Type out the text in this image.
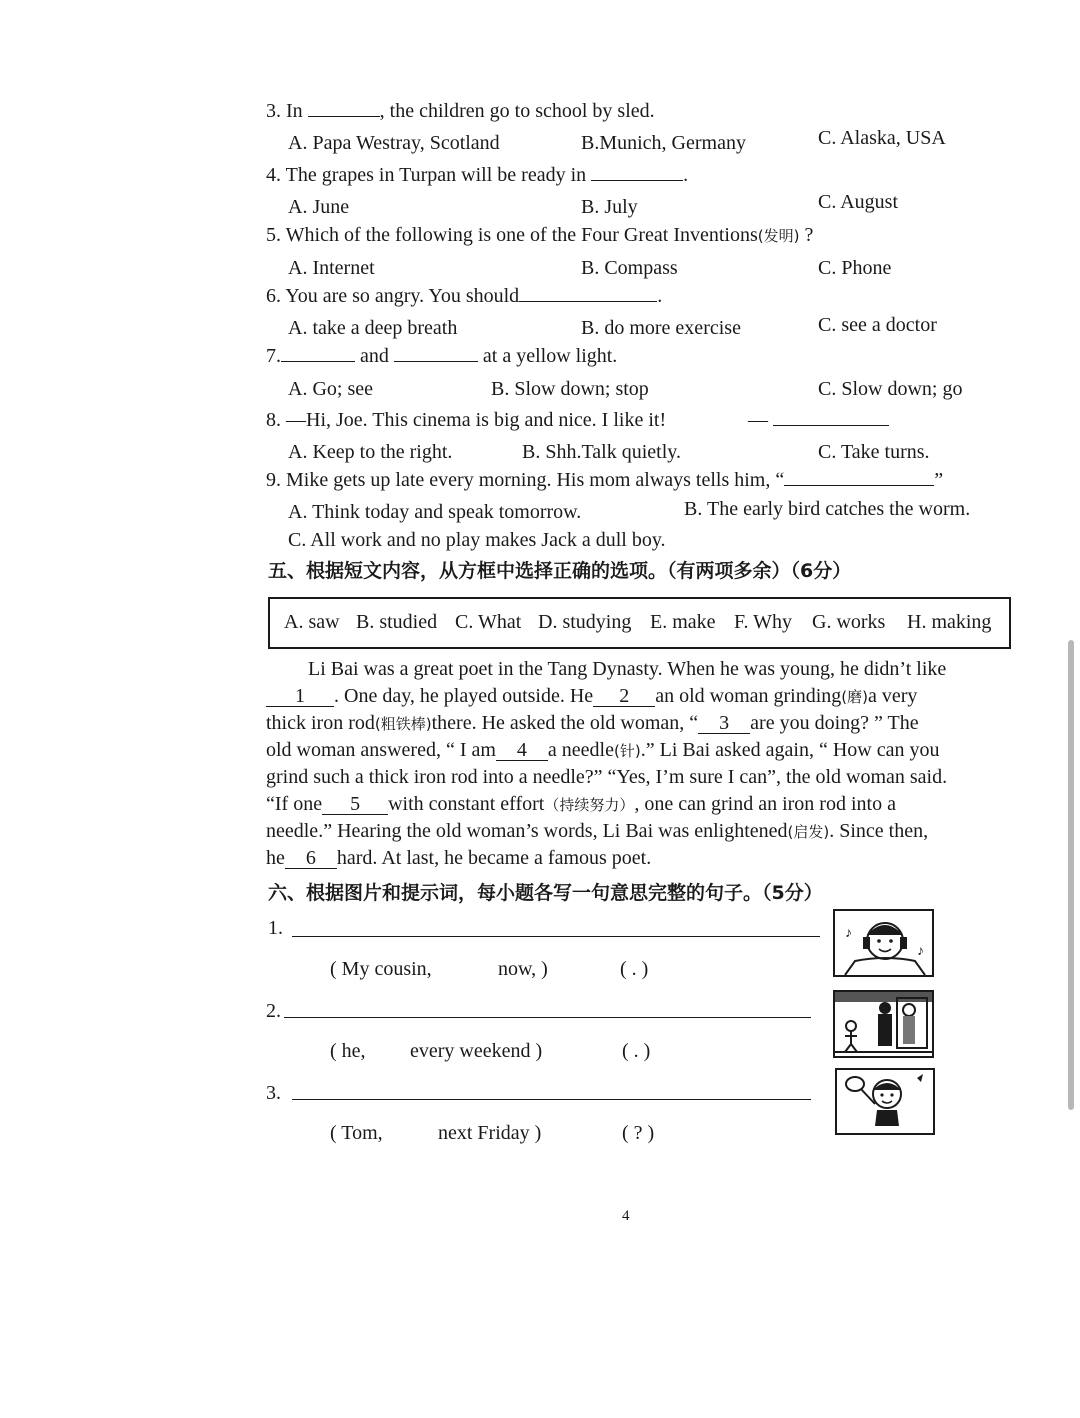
3. In	, the children go to school by sled.
A. Papa Westray, Scotland	B.Munich, Germany	C. Alaska, USA
4. The grapes in Turpan will be ready in	.
A. June	B. July	C. August
5. Which of the following is one of the Four Great Inventions(发明) ?
A. Internet	B. Compass	C. Phone
6. You are so angry. You should	.
A. take a deep breath	B. do more exercise	C. see a doctor
7.	and	at a yellow light.
A. Go; see	B. Slow down; stop	C. Slow down; go
8. —Hi, Joe. This cinema is big and nice. I like it!	—
A. Keep to the right.	B. Shh.Talk quietly.	C. Take turns.
9. Mike gets up late every morning. His mom always tells him, “	”
A. Think today and speak tomorrow.	B. The early bird catches the worm.
C. All work and no play makes Jack a dull boy.
五、根据短文内容，从方框中选择正确的选项。（有两项多余）（6分）
A. saw B. studied C. What D. studying E. make F. Why G. works H. making
Li Bai was a great poet in the Tang Dynasty. When he was young, he didn’t like
1 . One day, he played outside. He 2 an old woman grinding(磨)a very
thick iron rod(粗铁棒)there. He asked the old woman, “ 3 are you doing? ” The
old woman answered, “ I am 4 a needle(针).” Li Bai asked again, “ How can you
grind such a thick iron rod into a needle?” “Yes, I’m sure I can”, the old woman said.
“If one 5 with constant effort（持续努力）, one can grind an iron rod into a
needle.” Hearing the old woman’s words, Li Bai was enlightened(启发). Since then,
he 6 hard. At last, he became a famous poet.
六、根据图片和提示词，每小题各写一句意思完整的句子。（5分）
1.
( My cousin,	now, )	( . )
♪
♪
2.
( he, every weekend )	( . )
3.
( Tom,	next Friday )	( ? )
4
